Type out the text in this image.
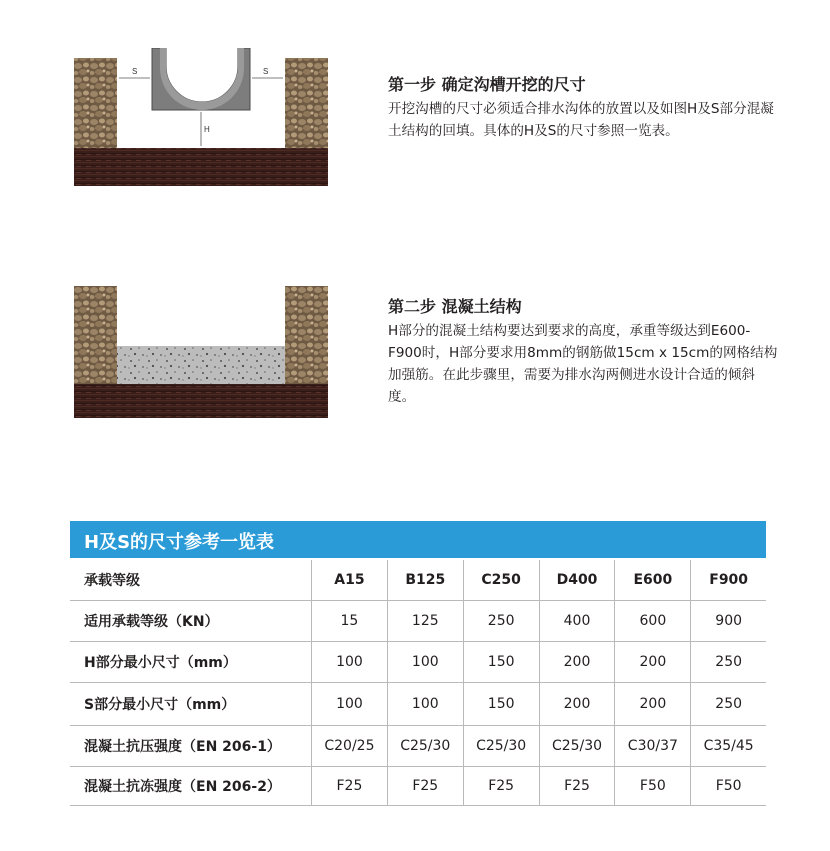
S	S
H
第一步 确定沟槽开挖的尺寸

开挖沟槽的尺寸必须适合排水沟体的放置以及如图H及S部分混凝土结构的回填。具体的H及S的尺寸参照一览表。

第二步 混凝土结构

H部分的混凝土结构要达到要求的高度，承重等级达到E600-F900时，H部分要求用8mm的钢筋做15cm x 15cm的网格结构加强筋。在此步骤里，需要为排水沟两侧进水设计合适的倾斜度。

H及S的尺寸参考一览表
承载等级	A15	B125	C250	D400	E600	F900
适用承载等级（KN）	15	125	250	400	600	900
H部分最小尺寸（mm）	100	100	150	200	200	250
S部分最小尺寸（mm）	100	100	150	200	200	250
混凝土抗压强度（EN 206-1）	C20/25	C25/30	C25/30	C25/30	C30/37	C35/45
混凝土抗冻强度（EN 206-2）	F25	F25	F25	F25	F50	F50
